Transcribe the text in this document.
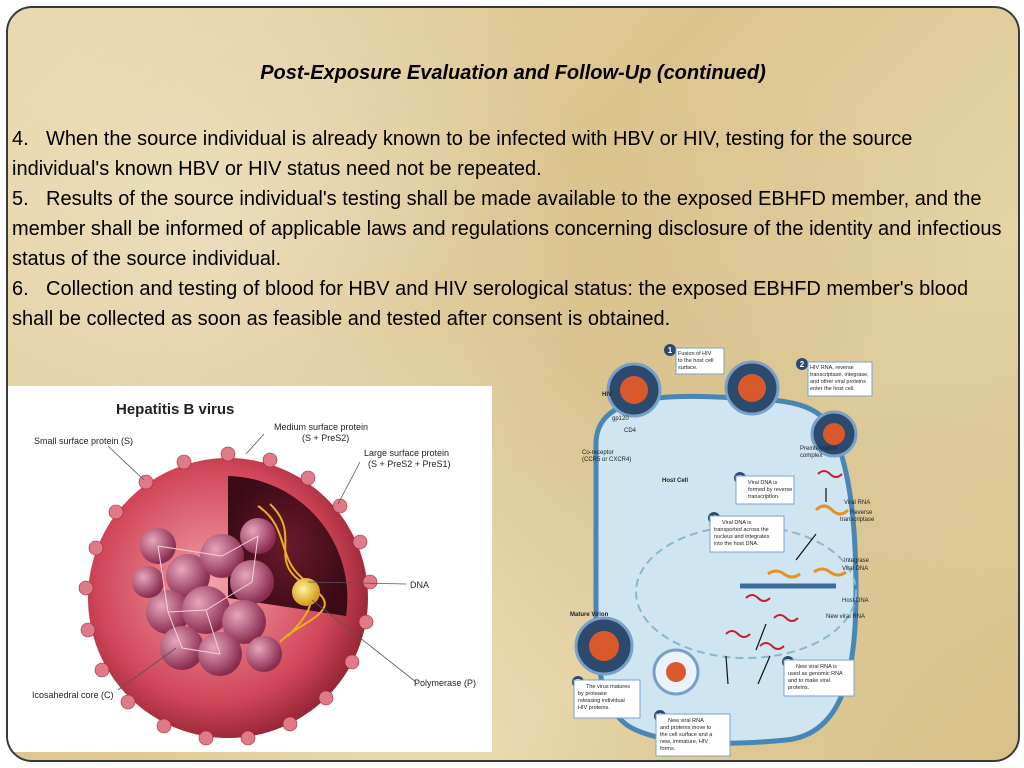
Post-Exposure Evaluation and Follow-Up (continued)

4. When the source individual is already known to be infected with HBV or HIV, testing for the source individual's known HBV or HIV status need not be repeated.

5. Results of the source individual's testing shall be made available to the exposed EBHFD member, and the member shall be informed of applicable laws and regulations concerning disclosure of the identity and infectious status of the source individual.

6. Collection and testing of blood for HBV and HIV serological status: the exposed EBHFD member's blood shall be collected as soon as feasible and tested after consent is obtained.

Hepatitis B virus
Medium surface protein
(S + PreS2)
Small surface protein (S)
Large surface protein
(S + PreS2 + PreS1)
DNA
Polymerase (P)
Icosahedral core (C)
1
2
Fusion of HIV to the host cell surface.	HIV RNA, reverse transcriptase, integrase, and other viral proteins enter the host cell.
Viral DNA is formed by reverse transcription.
Viral DNA is transported across the nucleus and integrates into the host DNA.
New viral RNA is used as genomic RNA and to make viral proteins.
New viral RNA and proteins move to the cell surface and a new, immature, HIV forms.
The virus matures by protease releasing individual HIV proteins.
HIV
gp120
CD4
Co-receptor
(CCR5 or CXCR4)
Host Cell
Mature Virion
Preintegration
complex
Viral RNA
Reverse
transcriptase
Integrase
Viral DNA
Host DNA
New viral RNA
